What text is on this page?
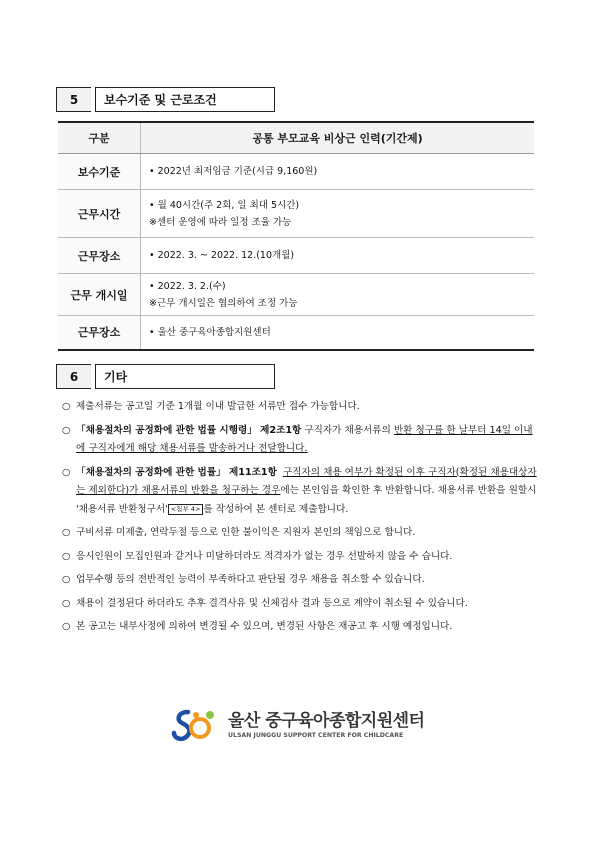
5	보수기준 및 근로조건
구분	공통 부모교육 비상근 인력(기간제)
보수기준	• 2022년 최저임금 기준(시급 9,160원)

근무시간	• 월 40시간(주 2회, 일 최대 5시간)
※센터 운영에 따라 일정 조율 가능

근무장소	• 2022. 3. ~ 2022. 12.(10개월)

근무 개시일	• 2022. 3. 2.(수)
※근무 개시일은 협의하여 조정 가능

근무장소	• 울산 중구육아종합지원센터
6	기타
○ 제출서류는 공고일 기준 1개월 이내 발급한 서류만 접수 가능합니다.
○ 「채용절차의 공정화에 관한 법률 시행령」 제2조1항 구직자가 채용서류의 반환 청구를 한 날부터 14일 이내에 구직자에게 해당 채용서류를 발송하거나 전달합니다.
○ 「채용절차의 공정화에 관한 법률」 제11조1항 구직자의 채용 여부가 확정된 이후 구직자(확정된 채용대상자는 제외한다)가 채용서류의 반환을 청구하는 경우에는 본인임을 확인한 후 반환합니다. 채용서류 반환을 원할시 '채용서류 반환청구서' <첨부 4> 를 작성하여 본 센터로 제출합니다.
○ 구비서류 미제출, 연락두절 등으로 인한 불이익은 지원자 본인의 책임으로 합니다.
○ 응시인원이 모집인원과 같거나 미달하더라도 적격자가 없는 경우 선발하지 않을 수 습니다.
○ 업무수행 등의 전반적인 능력이 부족하다고 판단될 경우 채용을 취소할 수 있습니다.
○ 채용이 결정된다 하더라도 추후 결격사유 및 신체검사 결과 등으로 계약이 취소될 수 있습니다.
○ 본 공고는 내부사정에 의하여 변경될 수 있으며, 변경된 사항은 재공고 후 시행 예정입니다.
울산 중구육아종합지원센터
ULSAN JUNGGU SUPPORT CENTER FOR CHILDCARE
